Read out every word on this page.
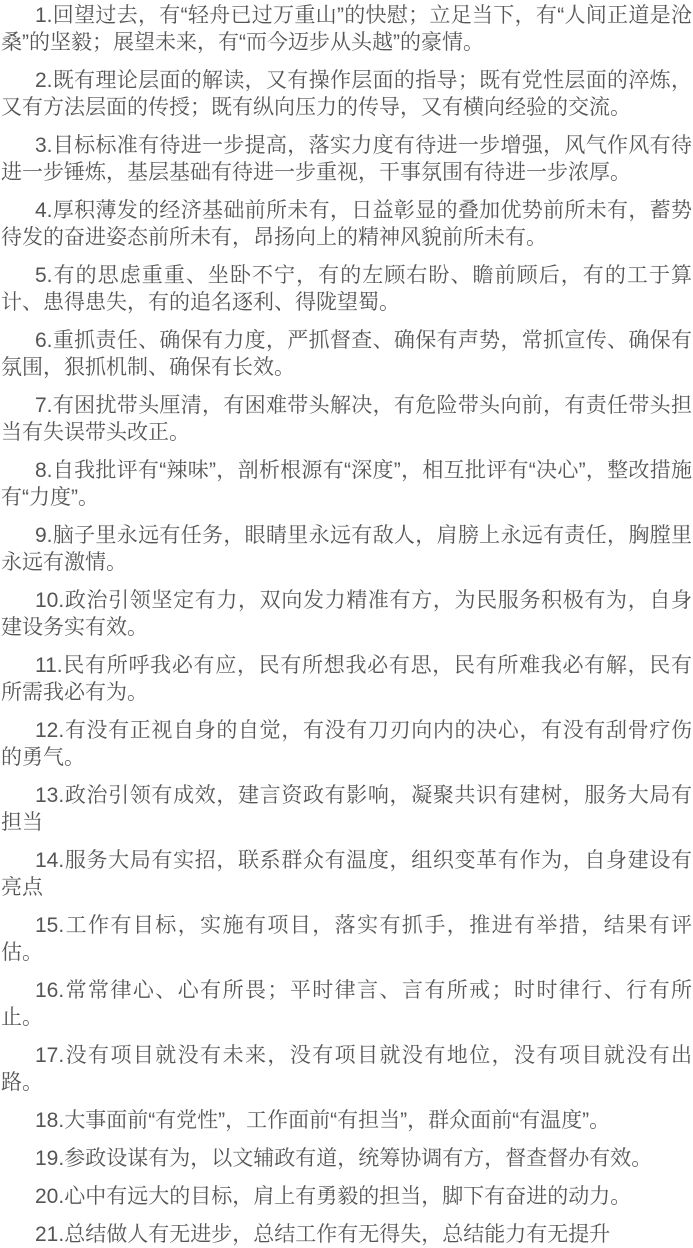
1.回望过去，有“轻舟已过万重山”的快慰；立足当下，有“人间正道是沧桑”的坚毅；展望未来，有“而今迈步从头越”的豪情。

2.既有理论层面的解读，又有操作层面的指导；既有党性层面的淬炼，又有方法层面的传授；既有纵向压力的传导，又有横向经验的交流。

3.目标标准有待进一步提高，落实力度有待进一步增强，风气作风有待进一步锤炼，基层基础有待进一步重视，干事氛围有待进一步浓厚。

4.厚积薄发的经济基础前所未有，日益彰显的叠加优势前所未有，蓄势待发的奋进姿态前所未有，昂扬向上的精神风貌前所未有。

5.有的思虑重重、坐卧不宁，有的左顾右盼、瞻前顾后，有的工于算计、患得患失，有的追名逐利、得陇望蜀。

6.重抓责任、确保有力度，严抓督查、确保有声势，常抓宣传、确保有氛围，狠抓机制、确保有长效。

7.有困扰带头厘清，有困难带头解决，有危险带头向前，有责任带头担当有失误带头改正。

8.自我批评有“辣味”，剖析根源有“深度”，相互批评有“决心”，整改措施有“力度”。

9.脑子里永远有任务，眼睛里永远有敌人，肩膀上永远有责任，胸膛里永远有激情。

10.政治引领坚定有力，双向发力精准有方，为民服务积极有为，自身建设务实有效。

11.民有所呼我必有应，民有所想我必有思，民有所难我必有解，民有所需我必有为。

12.有没有正视自身的自觉，有没有刀刃向内的决心，有没有刮骨疗伤的勇气。

13.政治引领有成效，建言资政有影响，凝聚共识有建树，服务大局有担当

14.服务大局有实招，联系群众有温度，组织变革有作为，自身建设有亮点

15.工作有目标，实施有项目，落实有抓手，推进有举措，结果有评估。

16.常常律心、心有所畏；平时律言、言有所戒；时时律行、行有所止。

17.没有项目就没有未来，没有项目就没有地位，没有项目就没有出路。

18.大事面前“有党性”，工作面前“有担当”，群众面前“有温度”。

19.参政设谋有为，以文辅政有道，统筹协调有方，督查督办有效。

20.心中有远大的目标，肩上有勇毅的担当，脚下有奋进的动力。

21.总结做人有无进步，总结工作有无得失，总结能力有无提升
